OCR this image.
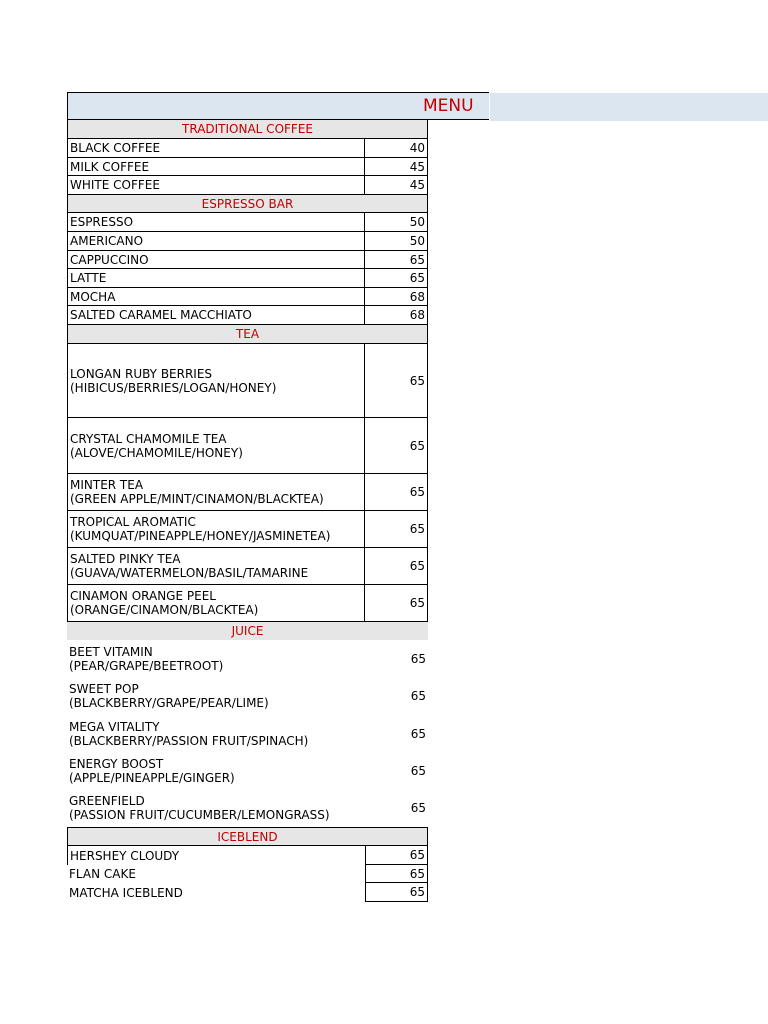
MENU
TRADITIONAL COFFEE
BLACK COFFEE	40
MILK COFFEE	45
WHITE COFFEE	45
ESPRESSO BAR
ESPRESSO	50
AMERICANO	50
CAPPUCCINO	65
LATTE	65
MOCHA	68
SALTED CARAMEL MACCHIATO	68
TEA
LONGAN RUBY BERRIES
(HIBICUS/BERRIES/LOGAN/HONEY)	65
CRYSTAL CHAMOMILE TEA
(ALOVE/CHAMOMILE/HONEY)	65
MINTER TEA
(GREEN APPLE/MINT/CINAMON/BLACKTEA)	65
TROPICAL AROMATIC
(KUMQUAT/PINEAPPLE/HONEY/JASMINETEA)	65
SALTED PINKY TEA
(GUAVA/WATERMELON/BASIL/TAMARINE	65
CINAMON ORANGE PEEL
(ORANGE/CINAMON/BLACKTEA)	65
JUICE
BEET VITAMIN
(PEAR/GRAPE/BEETROOT)	65
SWEET POP
(BLACKBERRY/GRAPE/PEAR/LIME)	65
MEGA VITALITY
(BLACKBERRY/PASSION FRUIT/SPINACH)	65
ENERGY BOOST
(APPLE/PINEAPPLE/GINGER)	65
GREENFIELD
(PASSION FRUIT/CUCUMBER/LEMONGRASS)	65
ICEBLEND
HERSHEY CLOUDY	65
FLAN CAKE	65
MATCHA ICEBLEND	65
